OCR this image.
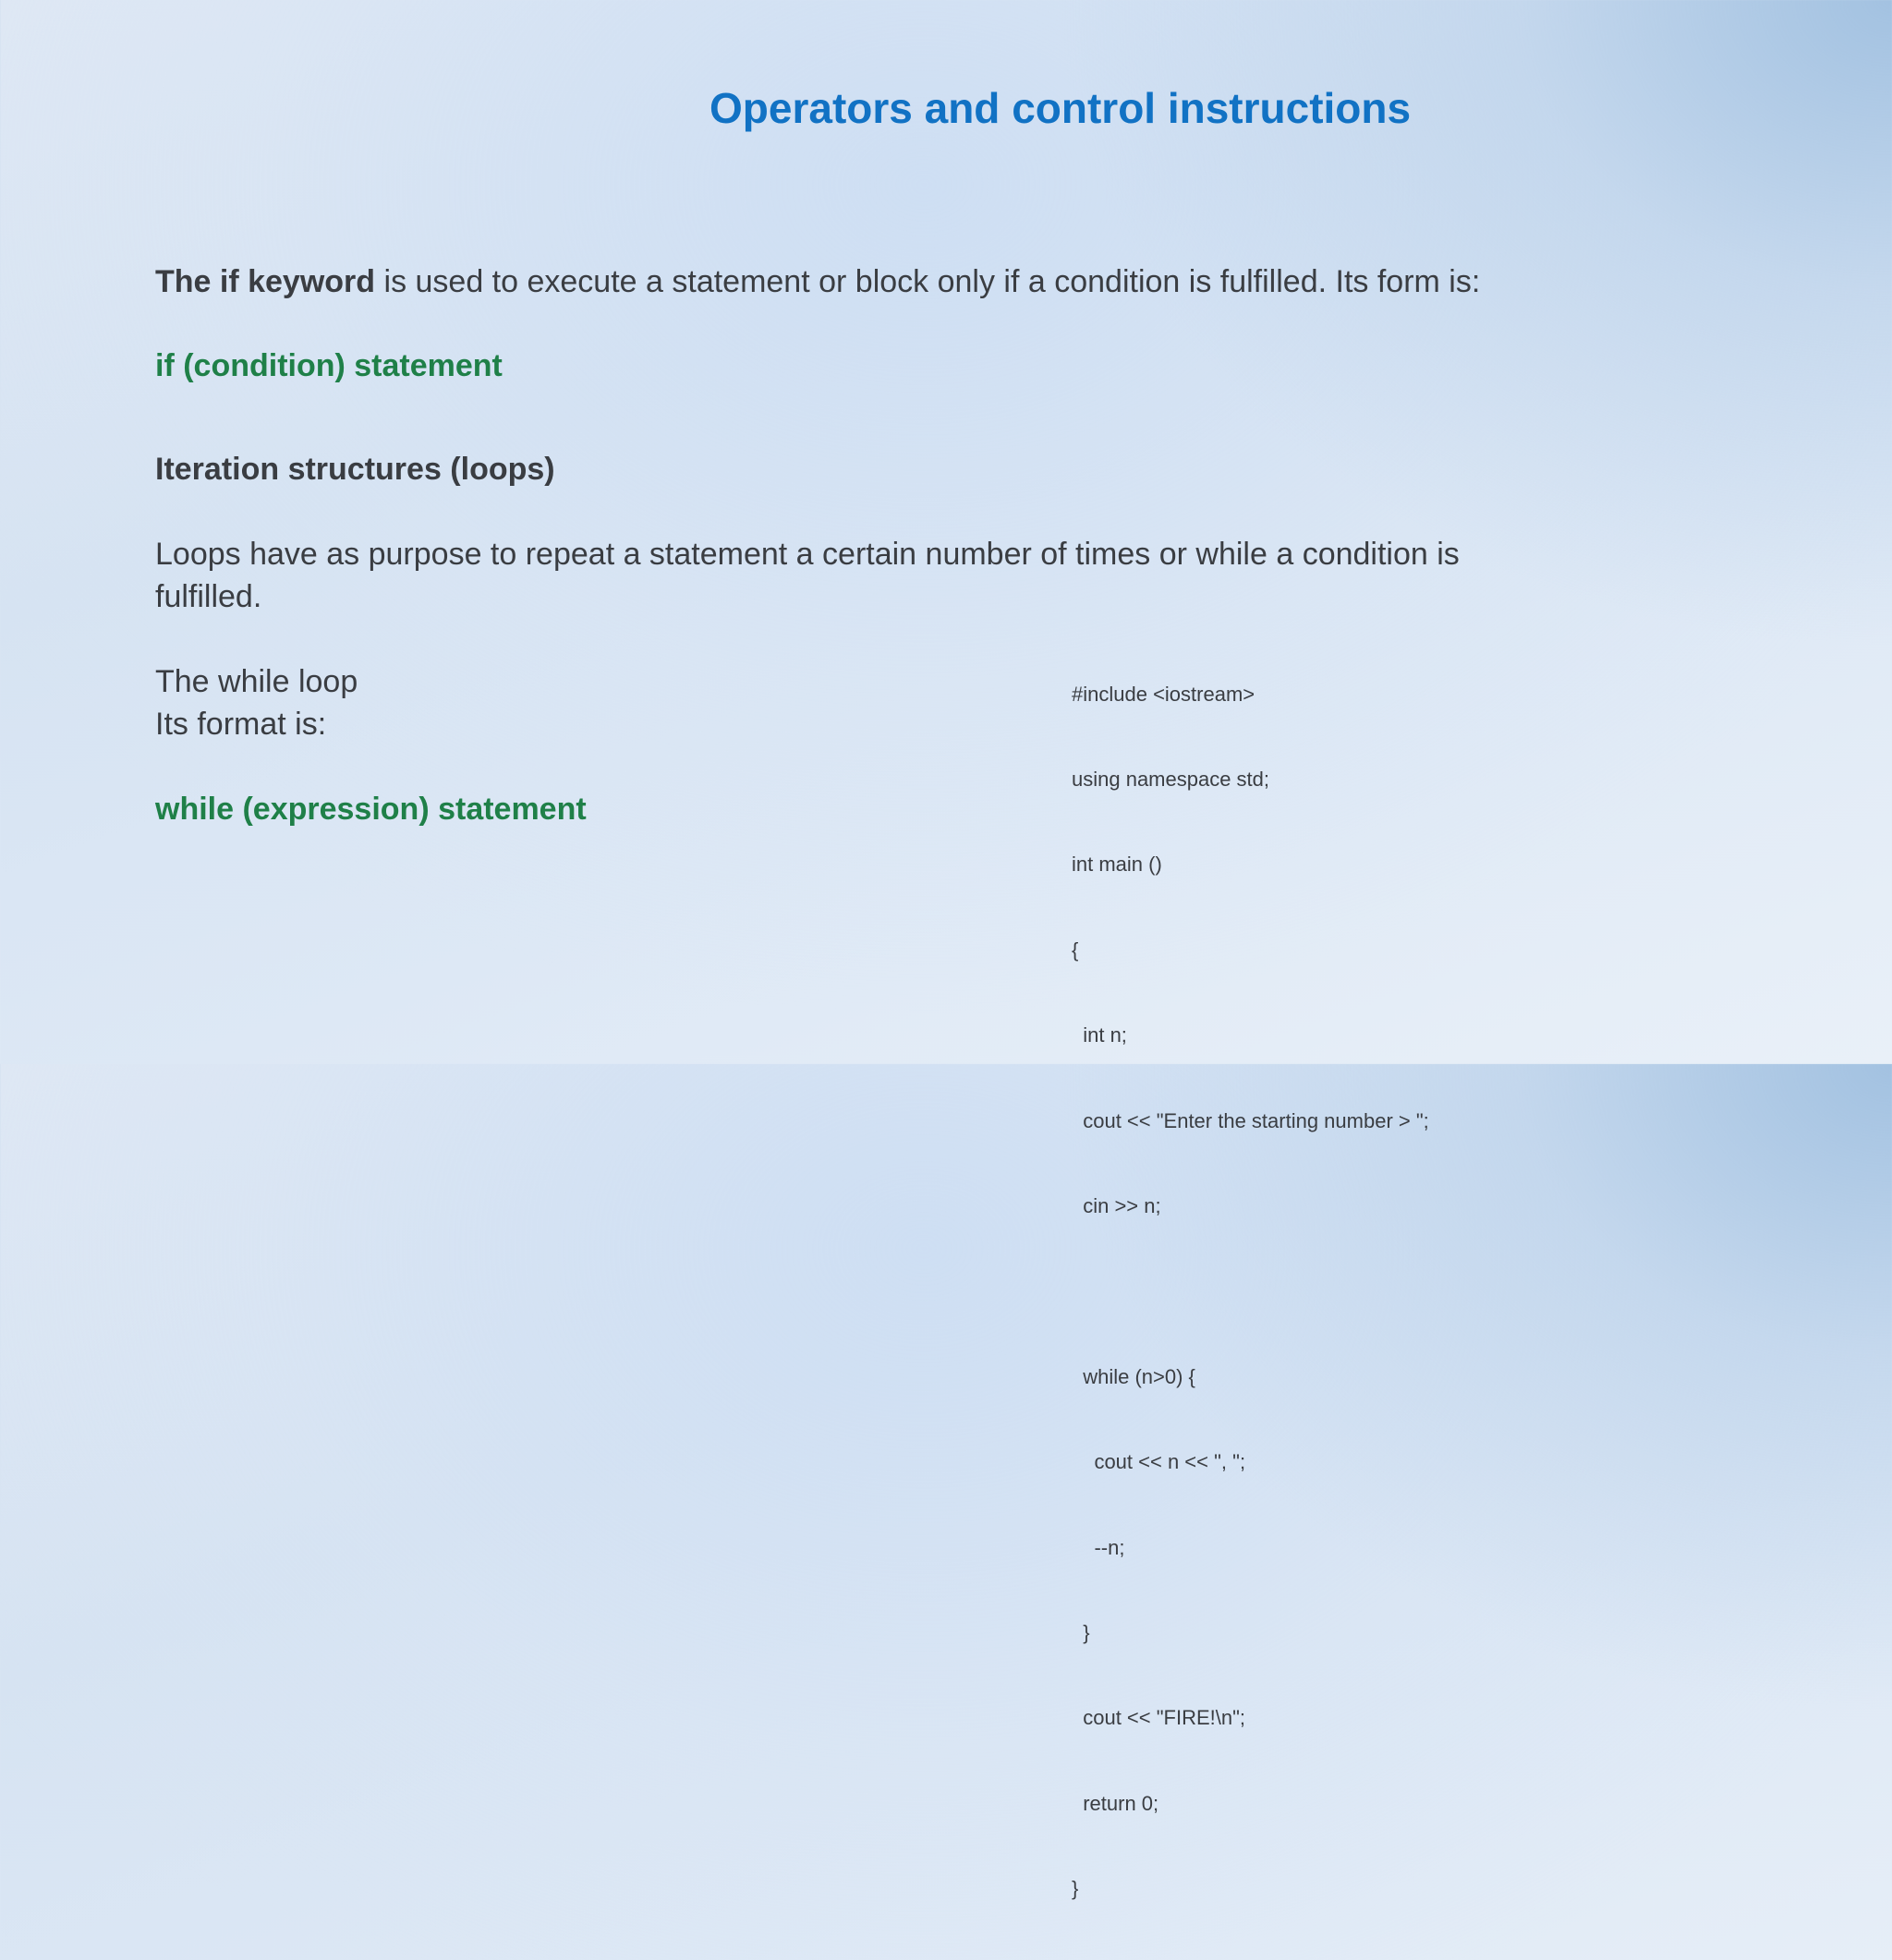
Operators and control instructions
The if keyword is used to execute a statement or block only if a condition is fulfilled. Its form is:
if (condition) statement
Iteration structures (loops)
Loops have as purpose to repeat a statement a certain number of times or while a condition is
fulfilled.
The while loop
Its format is:
while (expression) statement

#include <iostream>

using namespace std;

int main ()

{

int n;

cout << "Enter the starting number > ";

cin >> n;

while (n>0) {

cout << n << ", ";

--n;

}

cout << "FIRE!\n";

return 0;

}
